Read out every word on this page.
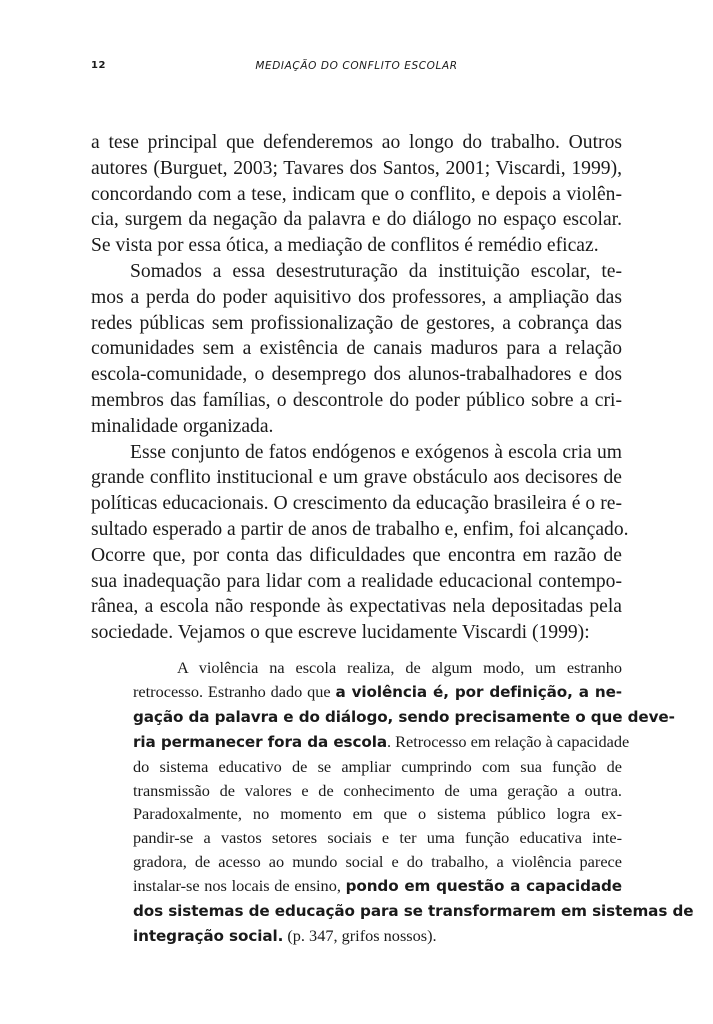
12	MEDIAÇÃO DO CONFLITO ESCOLAR

a tese principal que defenderemos ao longo do trabalho. Outros
autores (Burguet, 2003; Tavares dos Santos, 2001; Viscardi, 1999),
concordando com a tese, indicam que o conflito, e depois a violên-
cia, surgem da negação da palavra e do diálogo no espaço escolar.
Se vista por essa ótica, a mediação de conflitos é remédio eficaz.

Somados a essa desestruturação da instituição escolar, te-
mos a perda do poder aquisitivo dos professores, a ampliação das
redes públicas sem profissionalização de gestores, a cobrança das
comunidades sem a existência de canais maduros para a relação
escola-comunidade, o desemprego dos alunos-trabalhadores e dos
membros das famílias, o descontrole do poder público sobre a cri-
minalidade organizada.

Esse conjunto de fatos endógenos e exógenos à escola cria um
grande conflito institucional e um grave obstáculo aos decisores de
políticas educacionais. O crescimento da educação brasileira é o re-
sultado esperado a partir de anos de trabalho e, enfim, foi alcançado.
Ocorre que, por conta das dificuldades que encontra em razão de
sua inadequação para lidar com a realidade educacional contempo-
rânea, a escola não responde às expectativas nela depositadas pela
sociedade. Vejamos o que escreve lucidamente Viscardi (1999):

A violência na escola realiza, de algum modo, um estranho
retrocesso. Estranho dado que a violência é, por definição, a ne-
gação da palavra e do diálogo, sendo precisamente o que deve-
ria permanecer fora da escola. Retrocesso em relação à capacidade
do sistema educativo de se ampliar cumprindo com sua função de
transmissão de valores e de conhecimento de uma geração a outra.
Paradoxalmente, no momento em que o sistema público logra ex-
pandir-se a vastos setores sociais e ter uma função educativa inte-
gradora, de acesso ao mundo social e do trabalho, a violência parece
instalar-se nos locais de ensino, pondo em questão a capacidade
dos sistemas de educação para se transformarem em sistemas de
integração social. (p. 347, grifos nossos).
